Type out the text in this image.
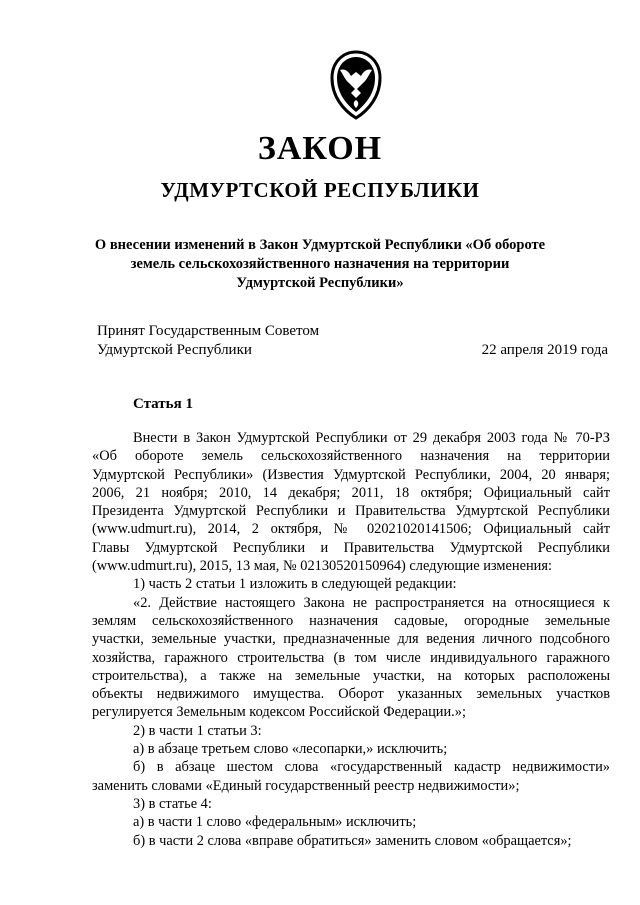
ЗАКОН
УДМУРТСКОЙ РЕСПУБЛИКИ
О внесении изменений в Закон Удмуртской Республики «Об обороте земель сельскохозяйственного назначения на территории Удмуртской Республики»
Принят Государственным Советом
Удмуртской Республики	22 апреля 2019 года
Статья 1
Внести в Закон Удмуртской Республики от 29 декабря 2003 года № 70-РЗ
«Об обороте земель сельскохозяйственного назначения на территории
Удмуртской Республики» (Известия Удмуртской Республики, 2004, 20 января;
2006, 21 ноября; 2010, 14 декабря; 2011, 18 октября; Официальный сайт
Президента Удмуртской Республики и Правительства Удмуртской Республики
(www.udmurt.ru), 2014, 2 октября, № 02021020141506; Официальный сайт
Главы Удмуртской Республики и Правительства Удмуртской Республики
(www.udmurt.ru), 2015, 13 мая, № 02130520150964) следующие изменения:
1) часть 2 статьи 1 изложить в следующей редакции:
«2. Действие настоящего Закона не распространяется на относящиеся к
землям сельскохозяйственного назначения садовые, огородные земельные
участки, земельные участки, предназначенные для ведения личного подсобного
хозяйства, гаражного строительства (в том числе индивидуального гаражного
строительства), а также на земельные участки, на которых расположены
объекты недвижимого имущества. Оборот указанных земельных участков
регулируется Земельным кодексом Российской Федерации.»;
2) в части 1 статьи 3:
а) в абзаце третьем слово «лесопарки,» исключить;
б) в абзаце шестом слова «государственный кадастр недвижимости»
заменить словами «Единый государственный реестр недвижимости»;
3) в статье 4:
а) в части 1 слово «федеральным» исключить;
б) в части 2 слова «вправе обратиться» заменить словом «обращается»;
